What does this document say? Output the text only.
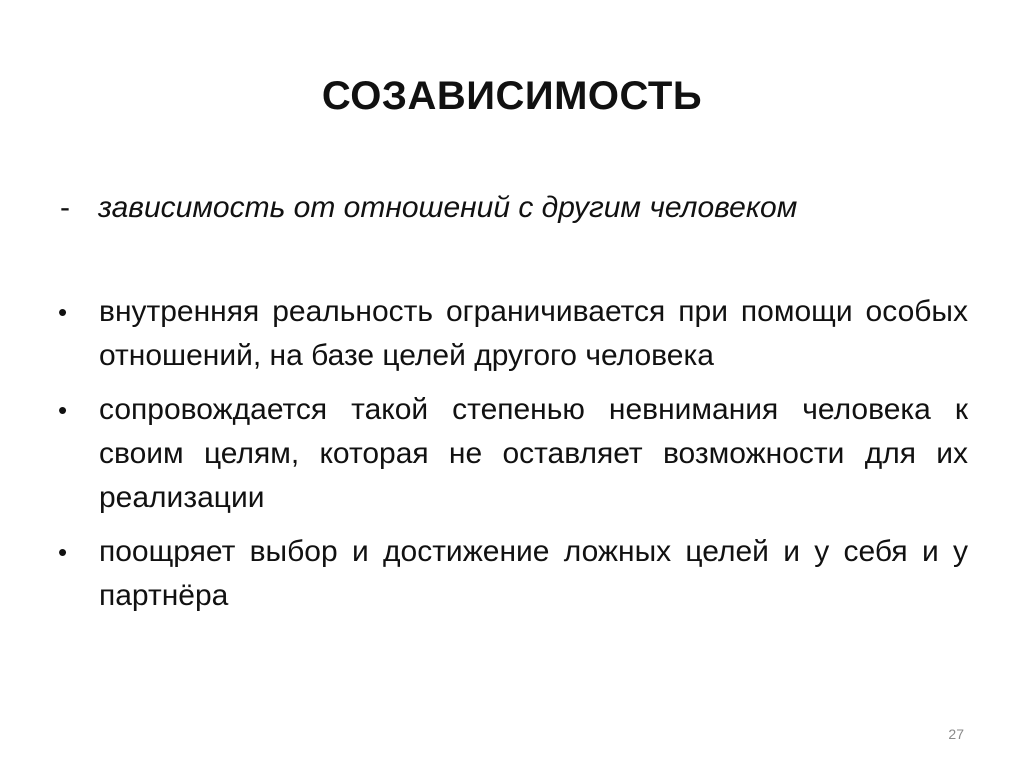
СОЗАВИСИМОСТЬ
- зависимость от отношений с другим человеком
• внутренняя реальность ограничивается при помощи особых отношений, на базе целей другого человека
• сопровождается такой степенью невнимания человека к своим целям, которая не оставляет возможности для их реализации
• поощряет выбор и достижение ложных целей и у себя и у партнёра
27
